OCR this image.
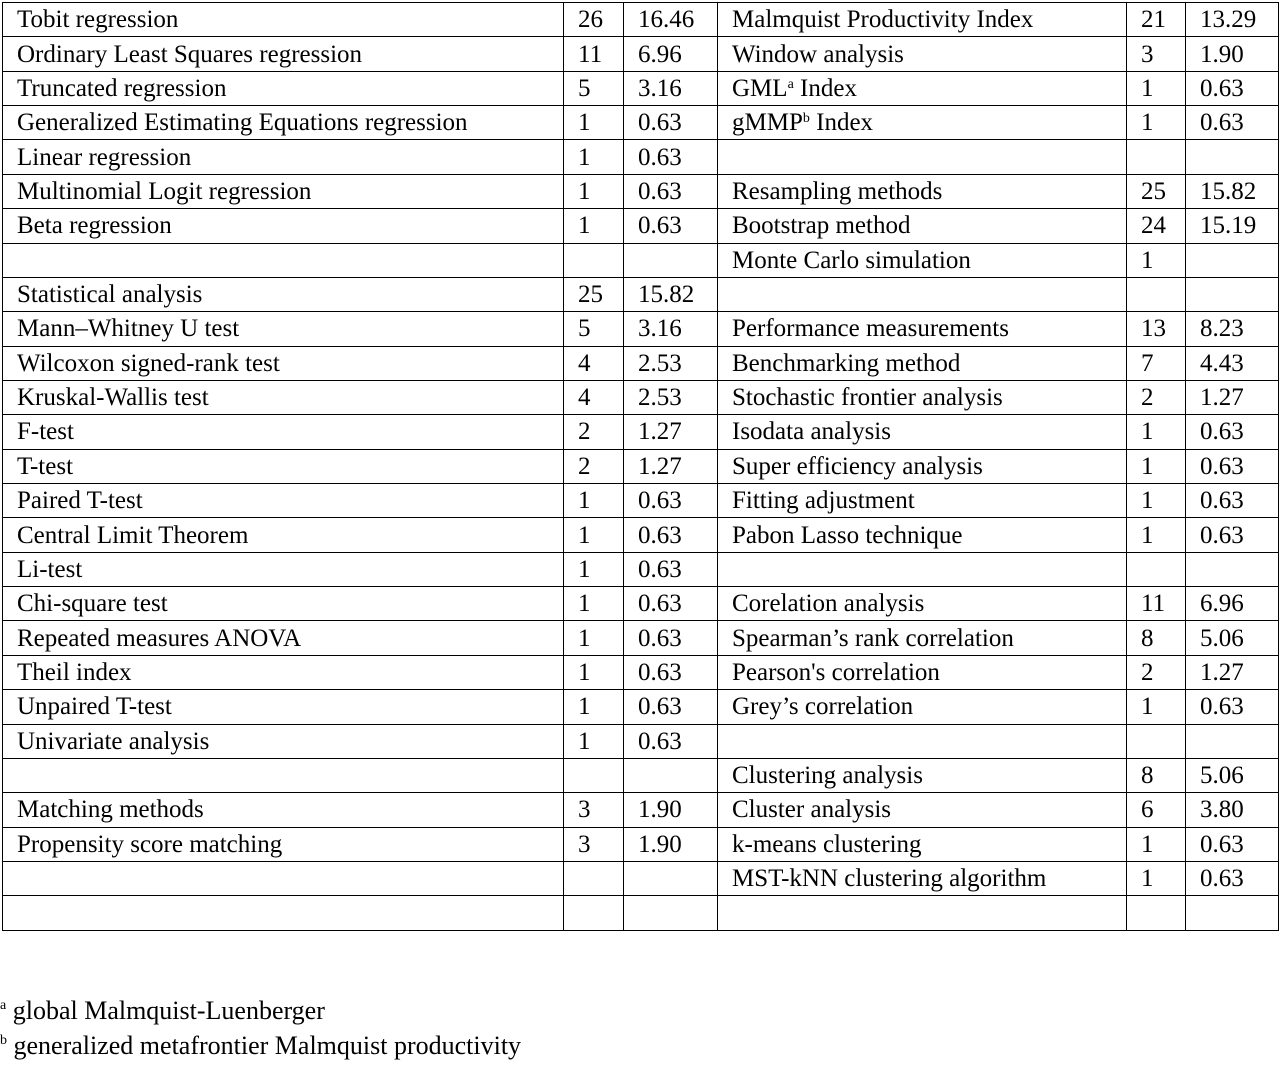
Tobit regression	26	16.46	Malmquist Productivity Index	21	13.29
Ordinary Least Squares regression	11	6.96	Window analysis	3	1.90
Truncated regression	5	3.16	GML$^a$ Index	1	0.63
Generalized Estimating Equations regression	1	0.63	gMMP$^b$ Index	1	0.63
Linear regression	1	0.63			
Multinomial Logit regression	1	0.63	Resampling methods	25	15.82
Beta regression	1	0.63	Bootstrap method	24	15.19
			Monte Carlo simulation	1	
Statistical analysis	25	15.82			
Mann–Whitney U test	5	3.16	Performance measurements	13	8.23
Wilcoxon signed-rank test	4	2.53	Benchmarking method	7	4.43
Kruskal-Wallis test	4	2.53	Stochastic frontier analysis	2	1.27
F-test	2	1.27	Isodata analysis	1	0.63
T-test	2	1.27	Super efficiency analysis	1	0.63
Paired T-test	1	0.63	Fitting adjustment	1	0.63
Central Limit Theorem	1	0.63	Pabon Lasso technique	1	0.63
Li-test	1	0.63			
Chi-square test	1	0.63	Corelation analysis	11	6.96
Repeated measures ANOVA	1	0.63	Spearman’s rank correlation	8	5.06
Theil index	1	0.63	Pearson's correlation	2	1.27
Unpaired T-test	1	0.63	Grey’s correlation	1	0.63
Univariate analysis	1	0.63			
			Clustering analysis	8	5.06
Matching methods	3	1.90	Cluster analysis	6	3.80
Propensity score matching	3	1.90	k-means clustering	1	0.63
			MST-kNN clustering algorithm	1	0.63

$^a$ global Malmquist-Luenberger
$^b$ generalized metafrontier Malmquist productivity
